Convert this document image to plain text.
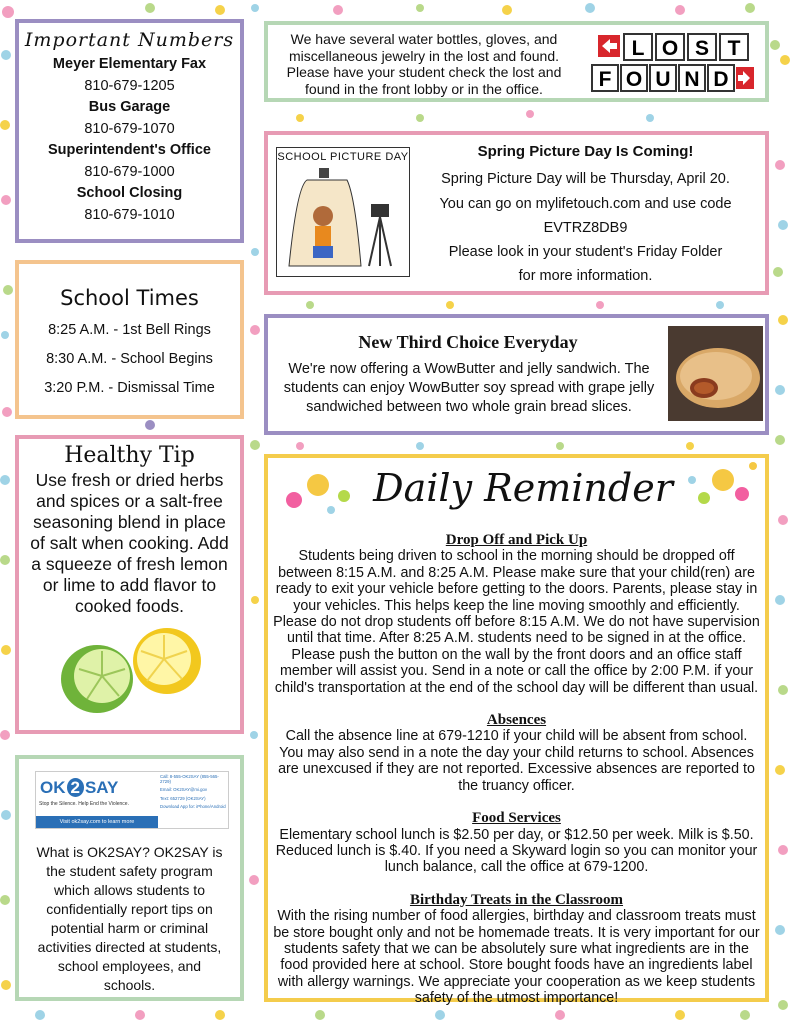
Important Numbers
Meyer Elementary Fax
810-679-1205
Bus Garage
810-679-1070
Superintendent's Office
810-679-1000
School Closing
810-679-1010
School Times
8:25 A.M. - 1st Bell Rings
8:30 A.M. - School Begins
3:20 P.M. - Dismissal Time
Healthy Tip
Use fresh or dried herbs and spices or a salt-free seasoning blend in place of salt when cooking. Add a squeeze of fresh lemon or lime to add flavor to cooked foods.
OK 2 SAY
Stop the Silence. Help End the Violence.
Visit ok2say.com to learn more
Call: 8-555-OK2SAY (855-565-2729)
Email: OK2SAY@mi.gov
Text: 652729 (OK2SAY)
Download App for: iPhone/Android
What is OK2SAY? OK2SAY is the student safety program which allows students to confidentially report tips on potential harm or criminal activities directed at students, school employees, and schools.
We have several water bottles, gloves, and miscellaneous jewelry in the lost and found. Please have your student check the lost and found in the front lobby or in the office.
L O S T
F O U N D
SCHOOL PICTURE DAY	Spring Picture Day Is Coming!
Spring Picture Day will be Thursday, April 20.
You can go on mylifetouch.com and use code
EVTRZ8DB9
Please look in your student's Friday Folder
for more information.
New Third Choice Everyday
We're now offering a WowButter and jelly sandwich. The students can enjoy WowButter soy spread with grape jelly sandwiched between two whole grain bread slices.
Daily Reminder
Drop Off and Pick Up
Students being driven to school in the morning should be dropped off between 8:15 A.M. and 8:25 A.M. Please make sure that your child(ren) are ready to exit your vehicle before getting to the doors. Parents, please stay in your vehicles. This helps keep the line moving smoothly and efficiently. Please do not drop students off before 8:15 A.M. We do not have supervision until that time. After 8:25 A.M. students need to be signed in at the office. Please push the button on the wall by the front doors and an office staff member will assist you. Send in a note or call the office by 2:00 P.M. if your child's transportation at the end of the school day will be different than usual.
Absences
Call the absence line at 679-1210 if your child will be absent from school. You may also send in a note the day your child returns to school. Absences are unexcused if they are not reported. Excessive absences are reported to the truancy officer.
Food Services
Elementary school lunch is $2.50 per day, or $12.50 per week. Milk is $.50. Reduced lunch is $.40. If you need a Skyward login so you can monitor your lunch balance, call the office at 679-1200.
Birthday Treats in the Classroom
With the rising number of food allergies, birthday and classroom treats must be store bought only and not be homemade treats. It is very important for our students safety that we can be absolutely sure what ingredients are in the food provided here at school. Store bought foods have an ingredients label with allergy warnings. We appreciate your cooperation as we keep students safety of the utmost importance!
